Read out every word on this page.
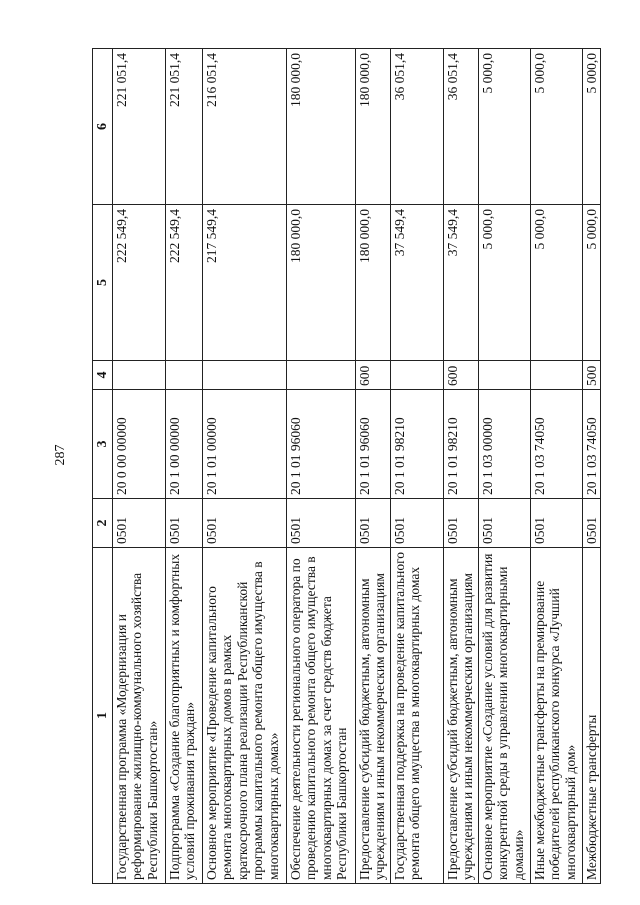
287
1	2	3	4	5	6
Государственная программа «Модернизация и реформирование жилищно-коммунального хозяйства Республики Башкортостан»	0501	20 0 00 00000		222 549,4	221 051,4
Подпрограмма «Создание благоприятных и комфортных условий проживания граждан»	0501	20 1 00 00000		222 549,4	221 051,4
Основное мероприятие «Проведение капитального ремонта многоквартирных домов в рамках краткосрочного плана реализации Республиканской программы капитального ремонта общего имущества в многоквартирных домах»	0501	20 1 01 00000		217 549,4	216 051,4
Обеспечение деятельности регионального оператора по проведению капитального ремонта общего имущества в многоквартирных домах за счет средств бюджета Республики Башкортостан	0501	20 1 01 96060		180 000,0	180 000,0
Предоставление субсидий бюджетным, автономным учреждениям и иным некоммерческим организациям	0501	20 1 01 96060	600	180 000,0	180 000,0
Государственная поддержка на проведение капитального ремонта общего имущества в многоквартирных домах	0501	20 1 01 98210		37 549,4	36 051,4
Предоставление субсидий бюджетным, автономным учреждениям и иным некоммерческим организациям	0501	20 1 01 98210	600	37 549,4	36 051,4
Основное мероприятие «Создание условий для развития конкурентной среды в управлении многоквартирными домами»	0501	20 1 03 00000		5 000,0	5 000,0
Иные межбюджетные трансферты на премирование победителей республиканского конкурса «Лучший многоквартирный дом»	0501	20 1 03 74050		5 000,0	5 000,0
Межбюджетные трансферты	0501	20 1 03 74050	500	5 000,0	5 000,0
